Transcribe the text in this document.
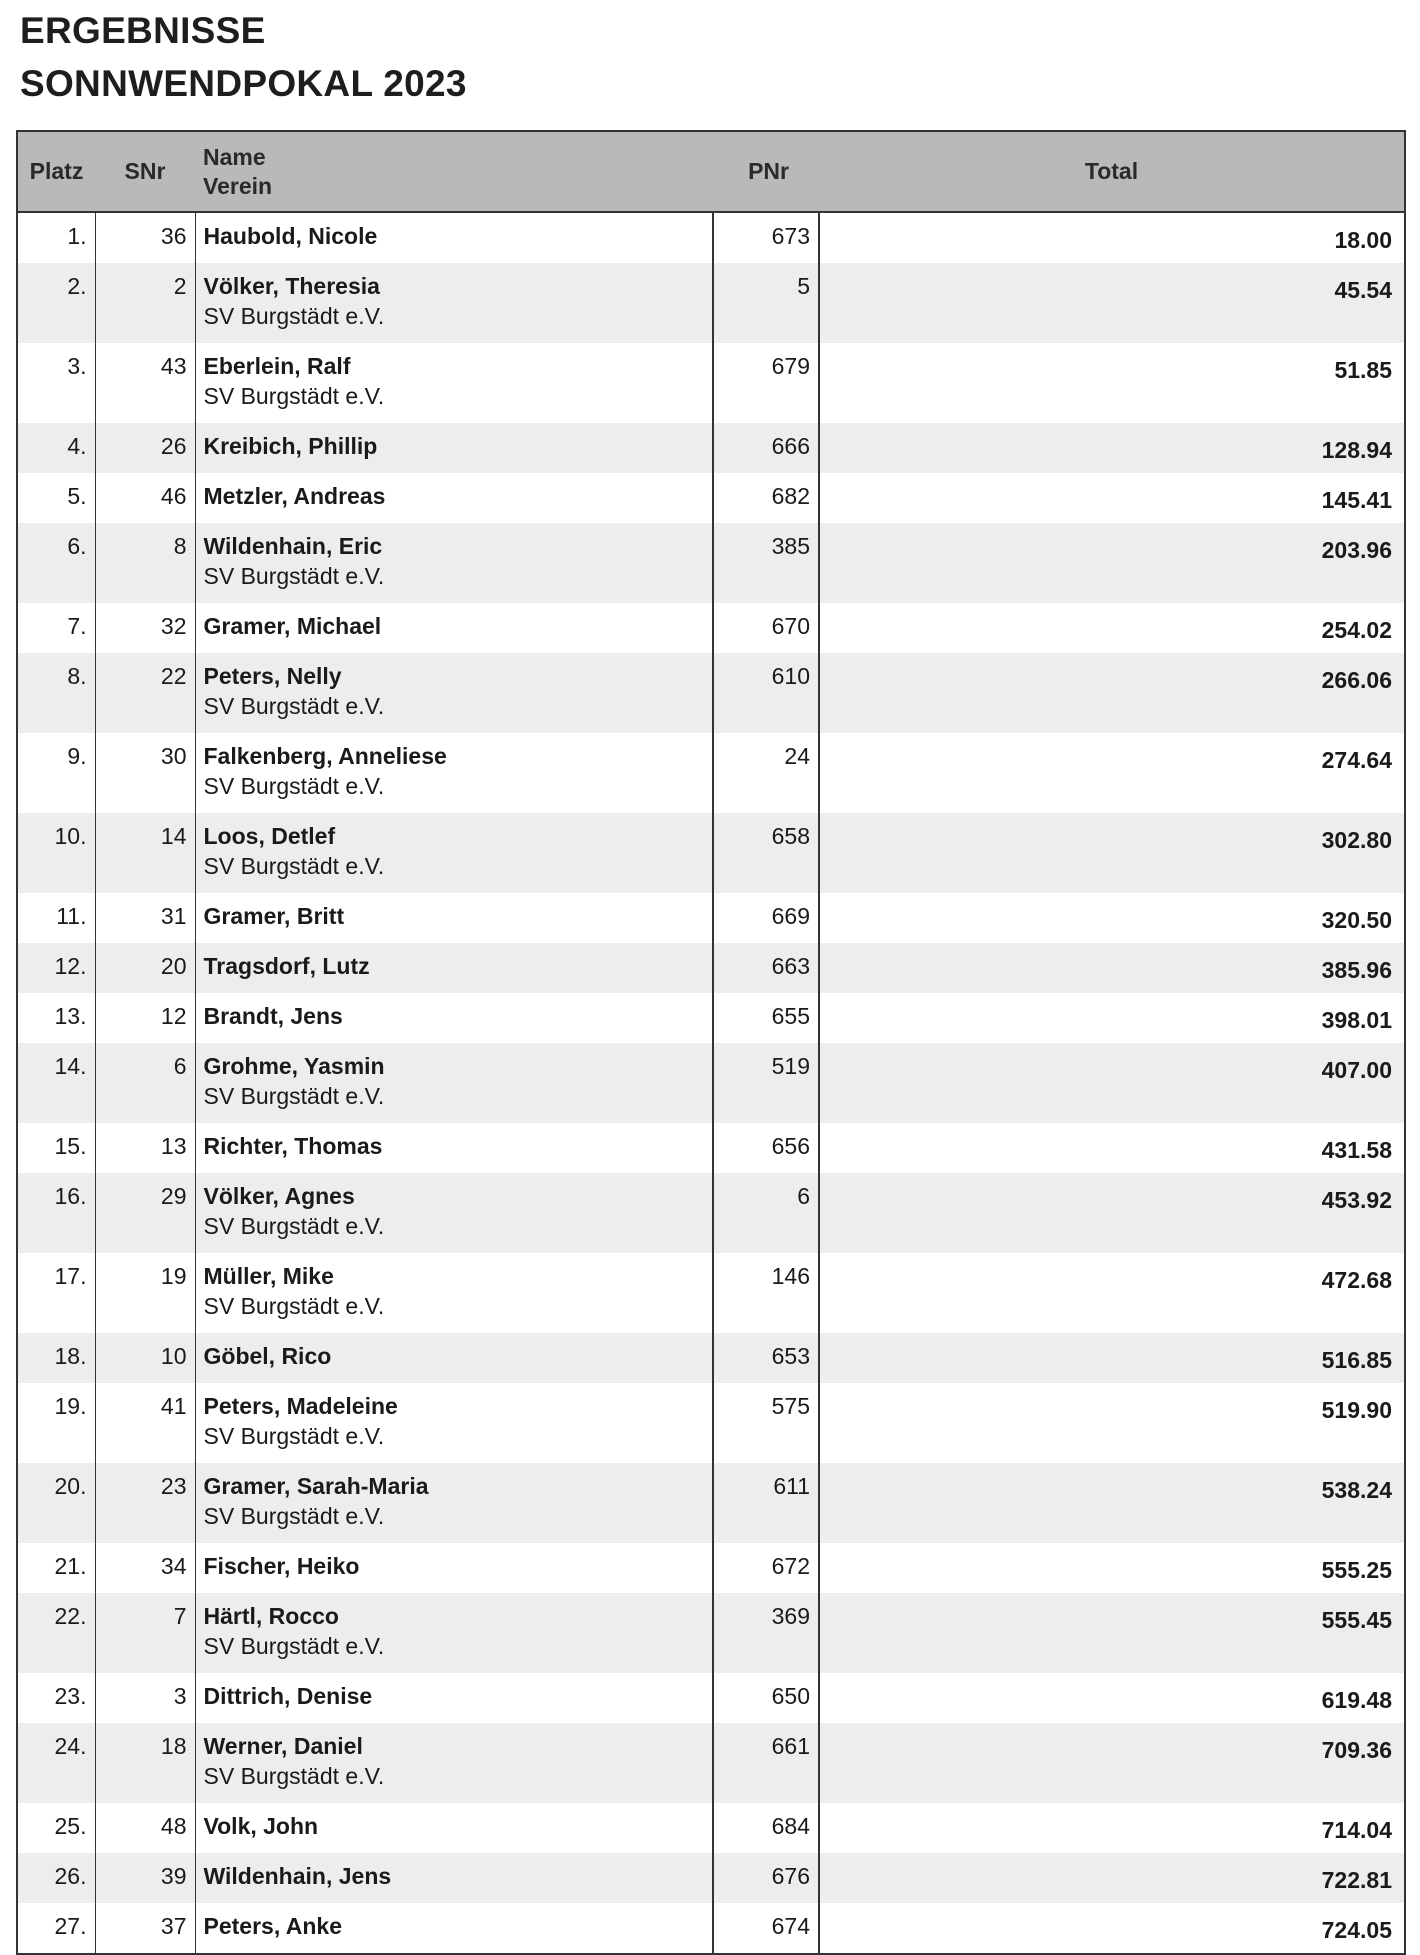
ERGEBNISSE
SONNWENDPOKAL 2023
Platz	SNr	Name
Verein	PNr	Total
1.	36	Haubold, Nicole	673	18.00
2.	2	Völker, Theresia
SV Burgstädt e.V.	5	45.54
3.	43	Eberlein, Ralf
SV Burgstädt e.V.	679	51.85
4.	26	Kreibich, Phillip	666	128.94
5.	46	Metzler, Andreas	682	145.41
6.	8	Wildenhain, Eric
SV Burgstädt e.V.	385	203.96
7.	32	Gramer, Michael	670	254.02
8.	22	Peters, Nelly
SV Burgstädt e.V.	610	266.06
9.	30	Falkenberg, Anneliese
SV Burgstädt e.V.	24	274.64
10.	14	Loos, Detlef
SV Burgstädt e.V.	658	302.80
11.	31	Gramer, Britt	669	320.50
12.	20	Tragsdorf, Lutz	663	385.96
13.	12	Brandt, Jens	655	398.01
14.	6	Grohme, Yasmin
SV Burgstädt e.V.	519	407.00
15.	13	Richter, Thomas	656	431.58
16.	29	Völker, Agnes
SV Burgstädt e.V.	6	453.92
17.	19	Müller, Mike
SV Burgstädt e.V.	146	472.68
18.	10	Göbel, Rico	653	516.85
19.	41	Peters, Madeleine
SV Burgstädt e.V.	575	519.90
20.	23	Gramer, Sarah-Maria
SV Burgstädt e.V.	611	538.24
21.	34	Fischer, Heiko	672	555.25
22.	7	Härtl, Rocco
SV Burgstädt e.V.	369	555.45
23.	3	Dittrich, Denise	650	619.48
24.	18	Werner, Daniel
SV Burgstädt e.V.	661	709.36
25.	48	Volk, John	684	714.04
26.	39	Wildenhain, Jens	676	722.81
27.	37	Peters, Anke	674	724.05
